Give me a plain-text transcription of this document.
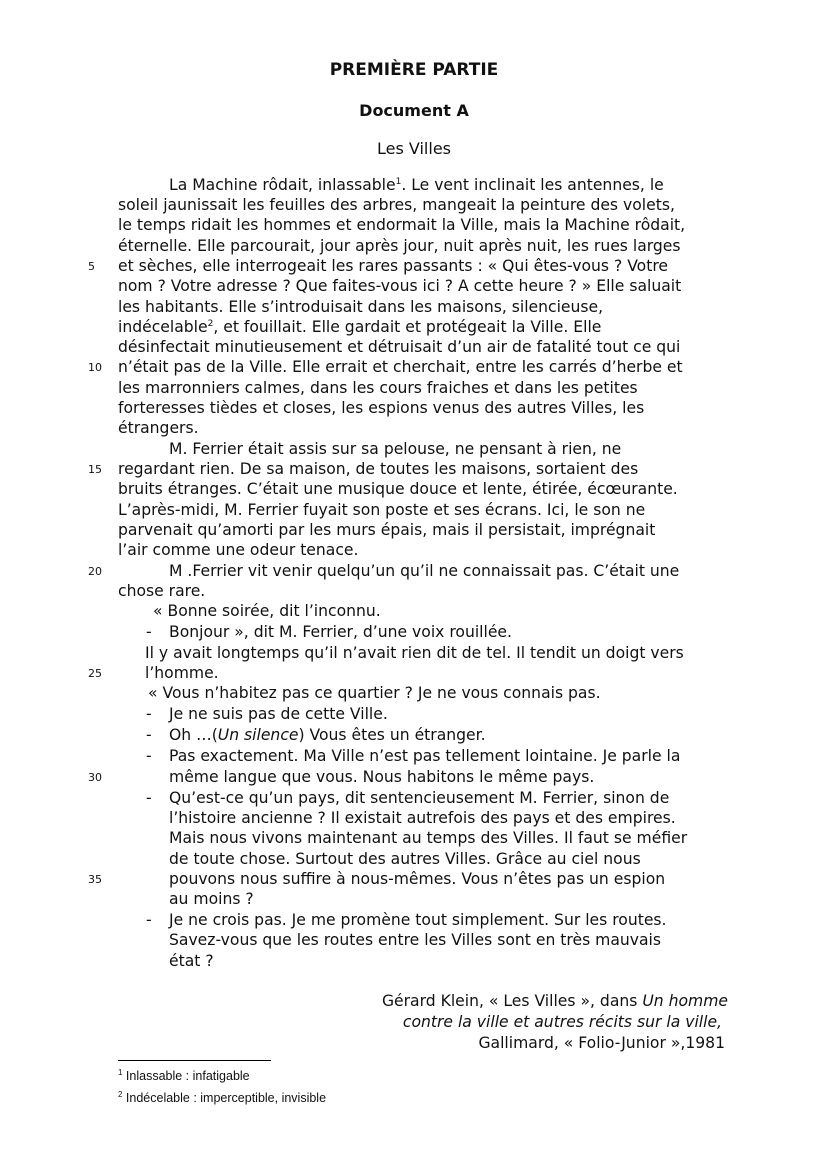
PREMIÈRE PARTIE
Document A
Les Villes
La Machine rôdait, inlassable$^1$. Le vent inclinait les antennes, le
soleil jaunissait les feuilles des arbres, mangeait la peinture des volets,
le temps ridait les hommes et endormait la Ville, mais la Machine rôdait,
éternelle. Elle parcourait, jour après jour, nuit après nuit, les rues larges
et sèches, elle interrogeait les rares passants : « Qui êtes-vous ? Votre
nom ? Votre adresse ? Que faites-vous ici ? A cette heure ? » Elle saluait
les habitants. Elle s’introduisait dans les maisons, silencieuse,
indécelable$^2$, et fouillait. Elle gardait et protégeait la Ville. Elle
désinfectait minutieusement et détruisait d’un air de fatalité tout ce qui
n’était pas de la Ville. Elle errait et cherchait, entre les carrés d’herbe et
les marronniers calmes, dans les cours fraiches et dans les petites
forteresses tièdes et closes, les espions venus des autres Villes, les
étrangers.
M. Ferrier était assis sur sa pelouse, ne pensant à rien, ne
regardant rien. De sa maison, de toutes les maisons, sortaient des
bruits étranges. C’était une musique douce et lente, étirée, écœurante.
L’après-midi, M. Ferrier fuyait son poste et ses écrans. Ici, le son ne
parvenait qu’amorti par les murs épais, mais il persistait, imprégnait
l’air comme une odeur tenace.
M .Ferrier vit venir quelqu’un qu’il ne connaissait pas. C’était une
chose rare.
« Bonne soirée, dit l’inconnu.
- Bonjour », dit M. Ferrier, d’une voix rouillée.
Il y avait longtemps qu’il n’avait rien dit de tel. Il tendit un doigt vers
l’homme.
« Vous n’habitez pas ce quartier ? Je ne vous connais pas.
- Je ne suis pas de cette Ville.
- Oh …(Un silence) Vous êtes un étranger.
- Pas exactement. Ma Ville n’est pas tellement lointaine. Je parle la
même langue que vous. Nous habitons le même pays.
- Qu’est-ce qu’un pays, dit sentencieusement M. Ferrier, sinon de
l’histoire ancienne ? Il existait autrefois des pays et des empires.
Mais nous vivons maintenant au temps des Villes. Il faut se méfier
de toute chose. Surtout des autres Villes. Grâce au ciel nous
pouvons nous suffire à nous-mêmes. Vous n’êtes pas un espion
au moins ?
- Je ne crois pas. Je me promène tout simplement. Sur les routes.
Savez-vous que les routes entre les Villes sont en très mauvais
état ?
5
10
15
20
25
30
35
Gérard Klein, « Les Villes », dans Un homme
contre la ville et autres récits sur la ville,
Gallimard, « Folio-Junior »,1981
$^1$ Inlassable : infatigable
$^2$ Indécelable : imperceptible, invisible
